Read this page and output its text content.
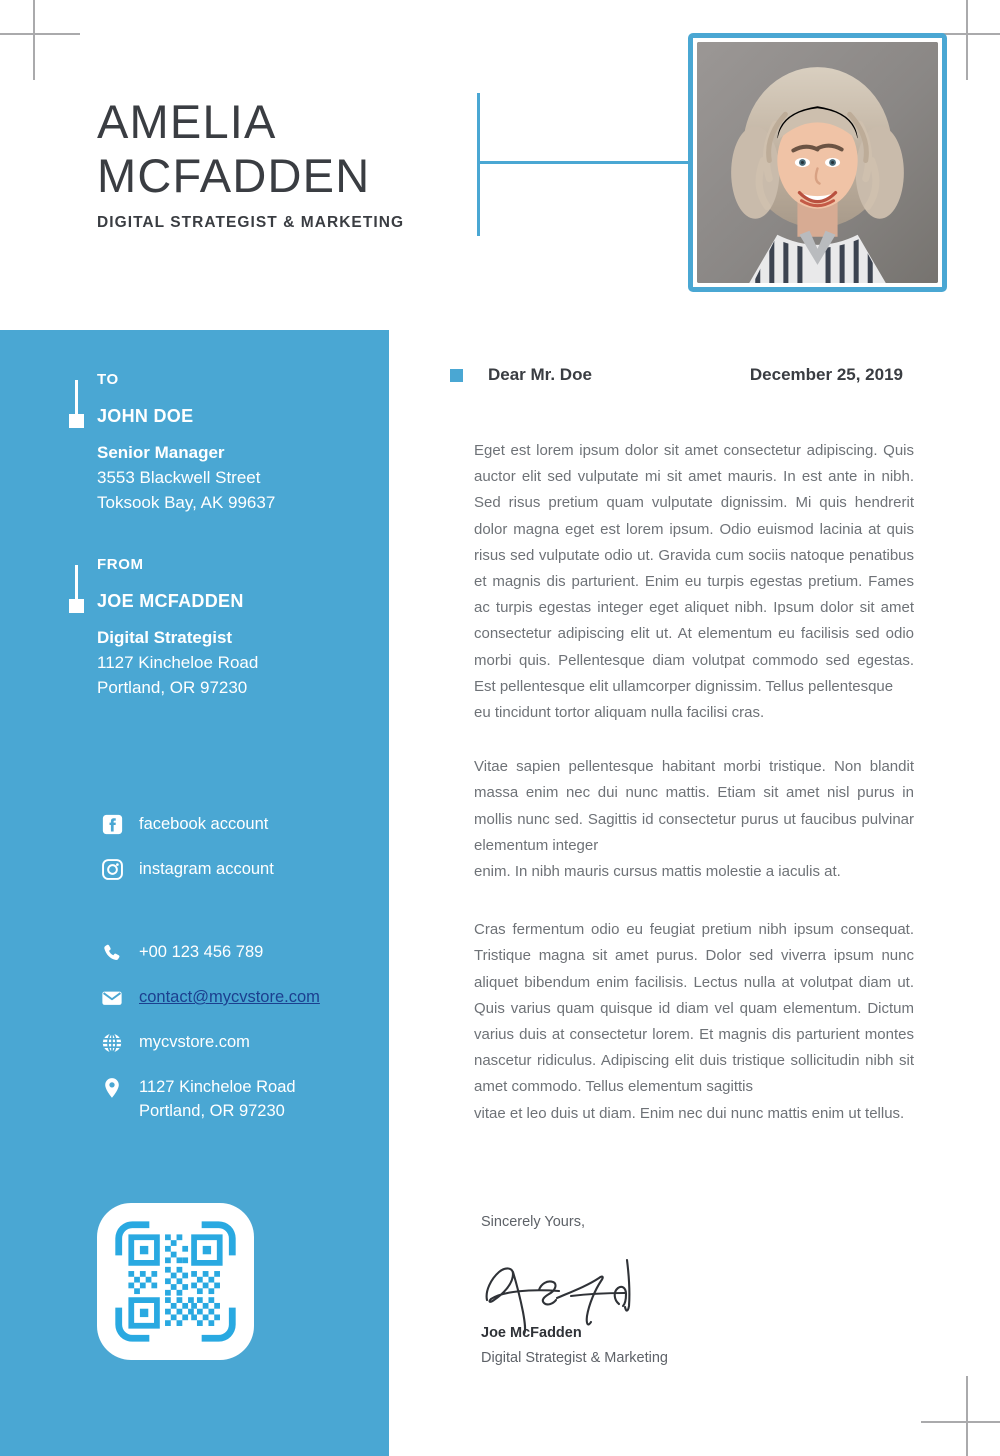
AMELIA
MCFADDEN
DIGITAL STRATEGIST & MARKETING
TO
JOHN DOE
Senior Manager
3553 Blackwell Street
Toksook Bay, AK 99637
FROM
JOE MCFADDEN
Digital Strategist
1127 Kincheloe Road
Portland, OR 97230
facebook account
instagram account
+00 123 456 789
contact@mycvstore.com
mycvstore.com
1127 Kincheloe Road
Portland, OR 97230
Dear Mr. Doe	December 25, 2019

Eget est lorem ipsum dolor sit amet consectetur adipiscing. Quis auctor elit sed vulputate mi sit amet mauris. In est ante in nibh. Sed risus pretium quam vulputate dignissim. Mi quis hendrerit dolor magna eget est lorem ipsum. Odio euismod lacinia at quis risus sed vulputate odio ut. Gravida cum sociis natoque penatibus et magnis dis parturient. Enim eu turpis egestas pretium. Fames ac turpis egestas integer eget aliquet nibh. Ipsum dolor sit amet consectetur adipiscing elit ut. At elementum eu facilisis sed odio morbi quis. Pellentesque diam volutpat commodo sed egestas. Est pellentesque elit ullamcorper dignissim. Tellus pellentesque
eu tincidunt tortor aliquam nulla facilisi cras.

Vitae sapien pellentesque habitant morbi tristique. Non blandit massa enim nec dui nunc mattis. Etiam sit amet nisl purus in mollis nunc sed. Sagittis id consectetur purus ut faucibus pulvinar elementum integer
enim. In nibh mauris cursus mattis molestie a iaculis at.

Cras fermentum odio eu feugiat pretium nibh ipsum consequat. Tristique magna sit amet purus. Dolor sed viverra ipsum nunc aliquet bibendum enim facilisis. Lectus nulla at volutpat diam ut. Quis varius quam quisque id diam vel quam elementum. Dictum varius duis at consectetur lorem. Et magnis dis parturient montes nascetur ridiculus. Adipiscing elit duis tristique sollicitudin nibh sit amet commodo. Tellus elementum sagittis
vitae et leo duis ut diam. Enim nec dui nunc mattis enim ut tellus.

Sincerely Yours,
Joe McFadden
Digital Strategist & Marketing
